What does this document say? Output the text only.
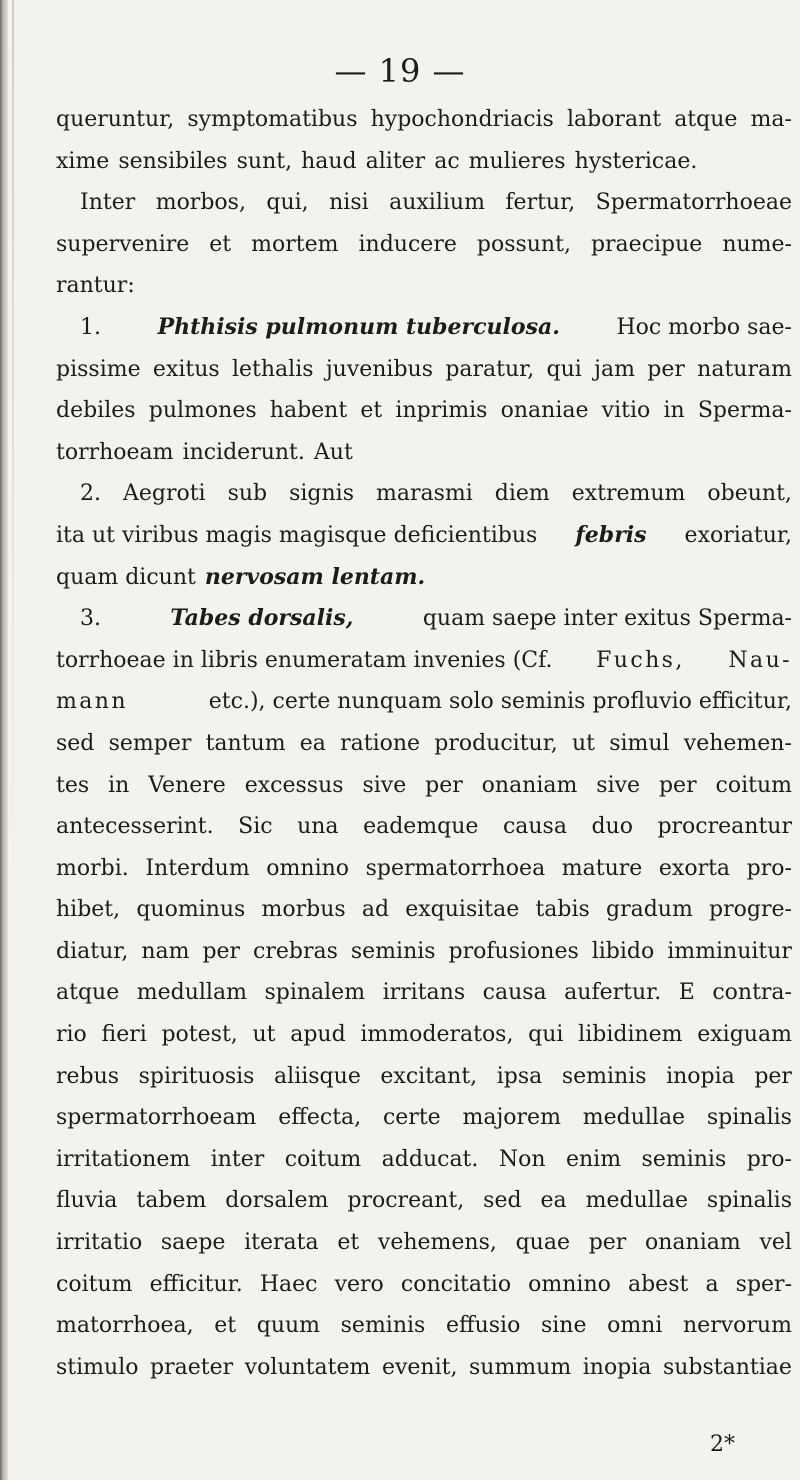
— 19 —
queruntur, symptomatibus hypochondriacis laborant atque ma-
xime sensibiles sunt, haud aliter ac mulieres hystericae.
Inter morbos, qui, nisi auxilium fertur, Spermatorrhoeae
supervenire et mortem inducere possunt, praecipue nume-
rantur:
1.	Phthisis pulmonum tuberculosa.	Hoc morbo sae-
pissime exitus lethalis juvenibus paratur, qui jam per naturam
debiles pulmones habent et inprimis onaniae vitio in Sperma-
torrhoeam inciderunt. Aut
2. Aegroti sub signis marasmi diem extremum obeunt,
ita ut viribus magis magisque deficientibus febris exoriatur,
quam dicunt nervosam lentam.
3.	Tabes dorsalis,	quam saepe inter exitus Sperma-
torrhoeae in libris enumeratam invenies (Cf. Fuchs, Nau-
mann	etc.), certe nunquam solo seminis profluvio efficitur,
sed semper tantum ea ratione producitur, ut simul vehemen-
tes in Venere excessus sive per onaniam sive per coitum
antecesserint. Sic una eademque causa duo procreantur
morbi. Interdum omnino spermatorrhoea mature exorta pro-
hibet, quominus morbus ad exquisitae tabis gradum progre-
diatur, nam per crebras seminis profusiones libido imminuitur
atque medullam spinalem irritans causa aufertur. E contra-
rio fieri potest, ut apud immoderatos, qui libidinem exiguam
rebus spirituosis aliisque excitant, ipsa seminis inopia per
spermatorrhoeam effecta, certe majorem medullae spinalis
irritationem inter coitum adducat. Non enim seminis pro-
fluvia tabem dorsalem procreant, sed ea medullae spinalis
irritatio saepe iterata et vehemens, quae per onaniam vel
coitum efficitur. Haec vero concitatio omnino abest a sper-
matorrhoea, et quum seminis effusio sine omni nervorum
stimulo praeter voluntatem evenit, summum inopia substantiae
2*
